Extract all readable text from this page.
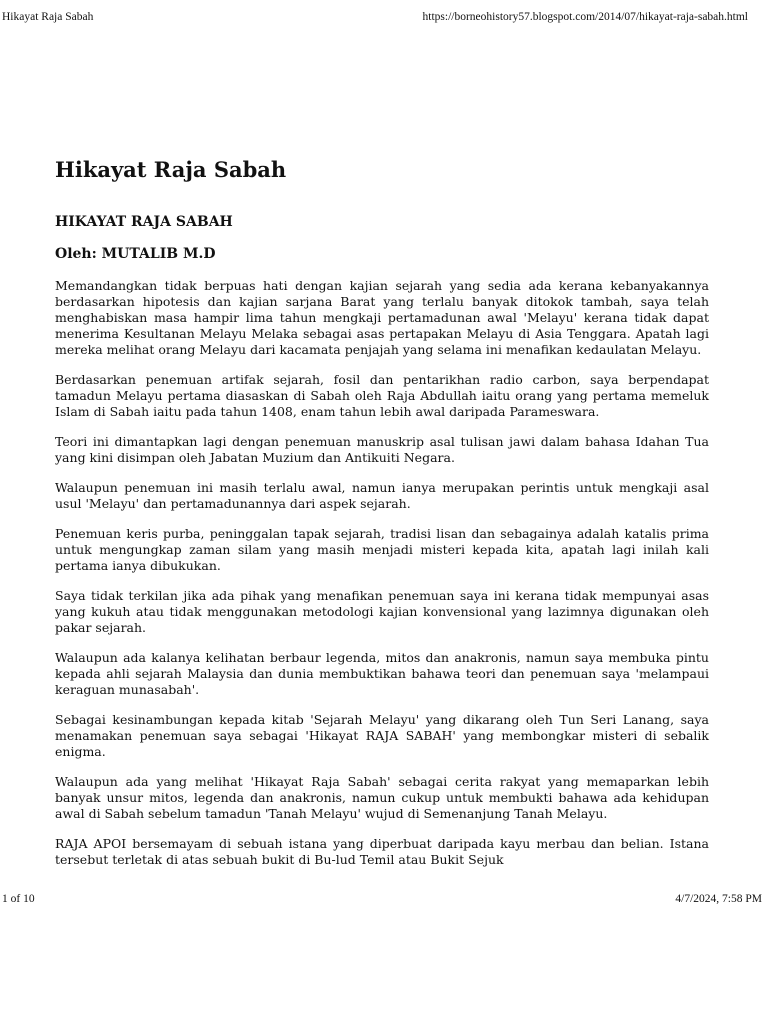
Hikayat Raja Sabah	https://borneohistory57.blogspot.com/2014/07/hikayat-raja-sabah.html
Hikayat Raja Sabah
HIKAYAT RAJA SABAH
Oleh: MUTALIB M.D

Memandangkan tidak berpuas hati dengan kajian sejarah yang sedia ada kerana kebanyakannya berdasarkan hipotesis dan kajian sarjana Barat yang terlalu banyak ditokok tambah, saya telah menghabiskan masa hampir lima tahun mengkaji pertamadunan awal 'Melayu' kerana tidak dapat menerima Kesultanan Melayu Melaka sebagai asas pertapakan Melayu di Asia Tenggara. Apatah lagi mereka melihat orang Melayu dari kacamata penjajah yang selama ini menafikan kedaulatan Melayu.

Berdasarkan penemuan artifak sejarah, fosil dan pentarikhan radio carbon, saya berpendapat tamadun Melayu pertama diasaskan di Sabah oleh Raja Abdullah iaitu orang yang pertama memeluk Islam di Sabah iaitu pada tahun 1408, enam tahun lebih awal daripada Parameswara.

Teori ini dimantapkan lagi dengan penemuan manuskrip asal tulisan jawi dalam bahasa Idahan Tua yang kini disimpan oleh Jabatan Muzium dan Antikuiti Negara.

Walaupun penemuan ini masih terlalu awal, namun ianya merupakan perintis untuk mengkaji asal usul 'Melayu' dan pertamadunannya dari aspek sejarah.

Penemuan keris purba, peninggalan tapak sejarah, tradisi lisan dan sebagainya adalah katalis prima untuk mengungkap zaman silam yang masih menjadi misteri kepada kita, apatah lagi inilah kali pertama ianya dibukukan.

Saya tidak terkilan jika ada pihak yang menafikan penemuan saya ini kerana tidak mempunyai asas yang kukuh atau tidak menggunakan metodologi kajian konvensional yang lazimnya digunakan oleh pakar sejarah.

Walaupun ada kalanya kelihatan berbaur legenda, mitos dan anakronis, namun saya membuka pintu kepada ahli sejarah Malaysia dan dunia membuktikan bahawa teori dan penemuan saya 'melampaui keraguan munasabah'.

Sebagai kesinambungan kepada kitab 'Sejarah Melayu' yang dikarang oleh Tun Seri Lanang, saya menamakan penemuan saya sebagai 'Hikayat RAJA SABAH' yang membongkar misteri di sebalik enigma.

Walaupun ada yang melihat 'Hikayat Raja Sabah' sebagai cerita rakyat yang memaparkan lebih banyak unsur mitos, legenda dan anakronis, namun cukup untuk membukti bahawa ada kehidupan awal di Sabah sebelum tamadun 'Tanah Melayu' wujud di Semenanjung Tanah Melayu.

RAJA APOI bersemayam di sebuah istana yang diperbuat daripada kayu merbau dan belian. Istana tersebut terletak di atas sebuah bukit di Bu-lud Temil atau Bukit Sejuk

1 of 10	4/7/2024, 7:58 PM
